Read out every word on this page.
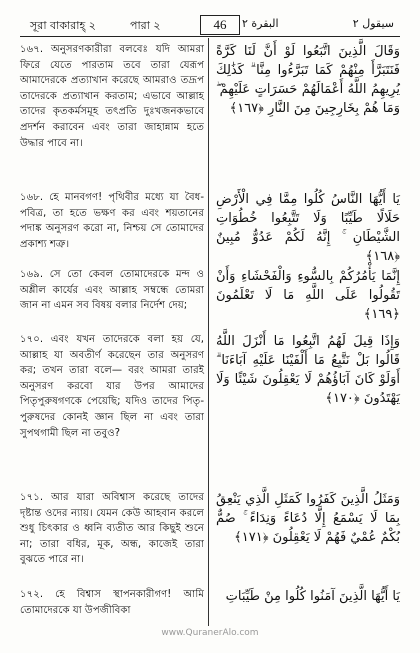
সূরা বাকারাহ্‌ ২	পারা ২	46	البقرة ٢	سيقول ٢

১৬৭. অনুসরণকারীরা বলবেঃ যদি আমরা ফিরে যেতে পারতাম তবে তারা যেরূপ আমাদেরকে প্রত্যাখান করেছে আমরাও তদ্রূপ তাদেরকে প্রত্যাখান করতাম; এভাবে আল্লাহ তাদের কৃতকর্মসমূহ তৎপ্রতি দুঃখজনকভাবে প্রদর্শন করাবেন এবং তারা জাহান্নাম হতে উদ্ধার পাবে না।

১৬৮. হে মানবগণ! পৃথিবীর মধ্যে যা বৈধ-পবিত্র, তা হতে ভক্ষণ কর এবং শয়তানের পদাঙ্ক অনুসরণ করো না, নিশ্চয় সে তোমাদের প্রকাশ্য শত্রু।

১৬৯. সে তো কেবল তোমাদেরকে মন্দ ও অশ্লীল কার্যের এবং আল্লাহ সম্বন্ধে তোমরা জান না এমন সব বিষয় বলার নির্দেশ দেয়;

১৭০. এবং যখন তাদেরকে বলা হয় যে, আল্লাহ যা অবতীর্ণ করেছেন তার অনুসরণ কর; তখন তারা বলে— বরং আমরা তারই অনুসরণ করবো যার উপর আমাদের পিতৃপুরুষগণকে পেয়েছি; যদিও তাদের পিতৃ-পুরুষদের কোনই জ্ঞান ছিল না এবং তারা সুপথগামী ছিল না তবুও?

১৭১. আর যারা অবিশ্বাস করেছে তাদের দৃষ্টান্ত ওদের ন্যায়। যেমন কেউ আহবান করলে শুধু চিৎকার ও ধ্বনি ব্যতীত আর কিছুই শুনে না; তারা বধির, মূক, অন্ধ, কাজেই তারা বুঝতে পারে না।

১৭২. হে বিশ্বাস স্থাপনকারীগণ! আমি তোমাদেরকে যা উপজীবিকা

وَقَالَ الَّذِينَ اتَّبَعُوا لَوْ أَنَّ لَنَا كَرَّةً فَنَتَبَرَّأَ مِنْهُمْ كَمَا تَبَرَّءُوا مِنَّا ۗ كَذَٰلِكَ يُرِيهِمُ اللَّهُ أَعْمَالَهُمْ حَسَرَاتٍ عَلَيْهِمْ ۖ وَمَا هُمْ بِخَارِجِينَ مِنَ النَّارِ ﴿١٦٧﴾

يَا أَيُّهَا النَّاسُ كُلُوا مِمَّا فِي الْأَرْضِ حَلَالًا طَيِّبًا وَلَا تَتَّبِعُوا خُطُوَاتِ الشَّيْطَانِ ۚ إِنَّهُ لَكُمْ عَدُوٌّ مُبِينٌ ﴿١٦٨﴾

إِنَّمَا يَأْمُرُكُمْ بِالسُّوءِ وَالْفَحْشَاءِ وَأَنْ تَقُولُوا عَلَى اللَّهِ مَا لَا تَعْلَمُونَ ﴿١٦٩﴾

وَإِذَا قِيلَ لَهُمُ اتَّبِعُوا مَا أَنْزَلَ اللَّهُ قَالُوا بَلْ نَتَّبِعُ مَا أَلْفَيْنَا عَلَيْهِ آبَاءَنَا ۗ أَوَلَوْ كَانَ آبَاؤُهُمْ لَا يَعْقِلُونَ شَيْئًا وَلَا يَهْتَدُونَ ﴿١٧٠﴾

وَمَثَلُ الَّذِينَ كَفَرُوا كَمَثَلِ الَّذِي يَنْعِقُ بِمَا لَا يَسْمَعُ إِلَّا دُعَاءً وَنِدَاءً ۚ صُمٌّ بُكْمٌ عُمْيٌ فَهُمْ لَا يَعْقِلُونَ ﴿١٧١﴾

يَا أَيُّهَا الَّذِينَ آمَنُوا كُلُوا مِنْ طَيِّبَاتِ

www.QuranerAlo.com
